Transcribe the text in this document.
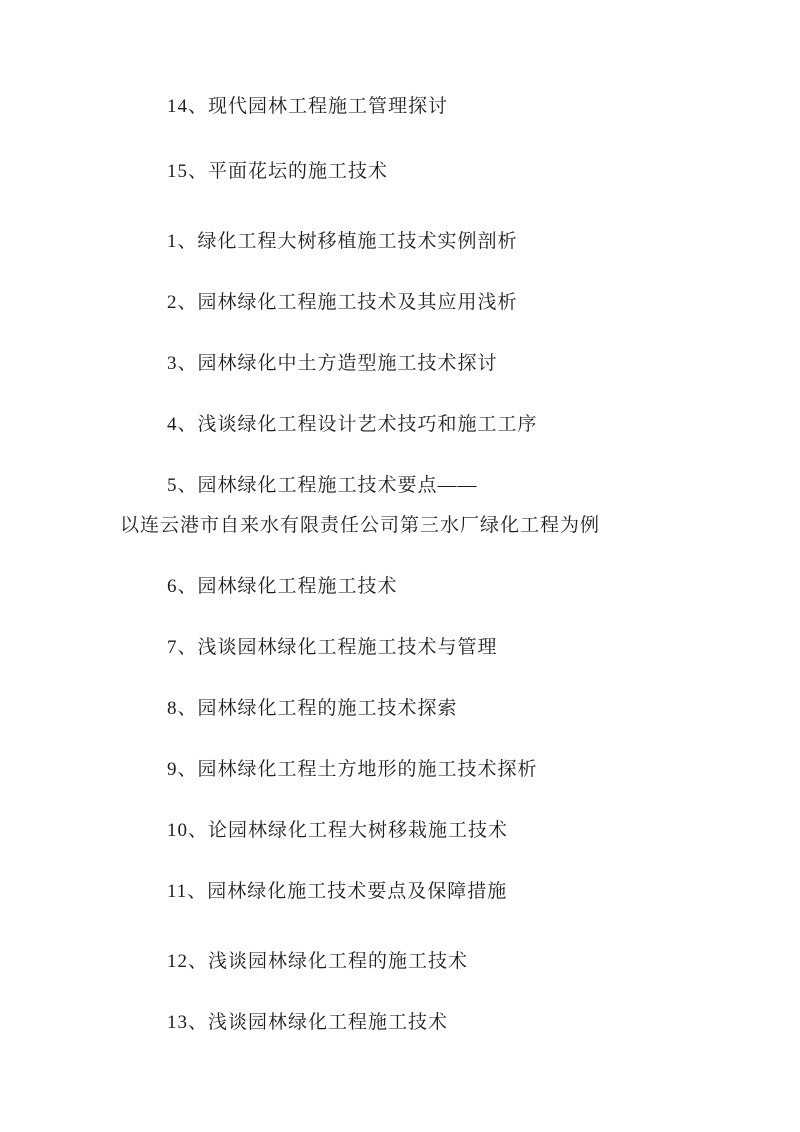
14、现代园林工程施工管理探讨

15、平面花坛的施工技术

1、绿化工程大树移植施工技术实例剖析

2、园林绿化工程施工技术及其应用浅析

3、园林绿化中土方造型施工技术探讨

4、浅谈绿化工程设计艺术技巧和施工工序

5、园林绿化工程施工技术要点——
以连云港市自来水有限责任公司第三水厂绿化工程为例

6、园林绿化工程施工技术

7、浅谈园林绿化工程施工技术与管理

8、园林绿化工程的施工技术探索

9、园林绿化工程土方地形的施工技术探析

10、论园林绿化工程大树移栽施工技术

11、园林绿化施工技术要点及保障措施

12、浅谈园林绿化工程的施工技术

13、浅谈园林绿化工程施工技术
